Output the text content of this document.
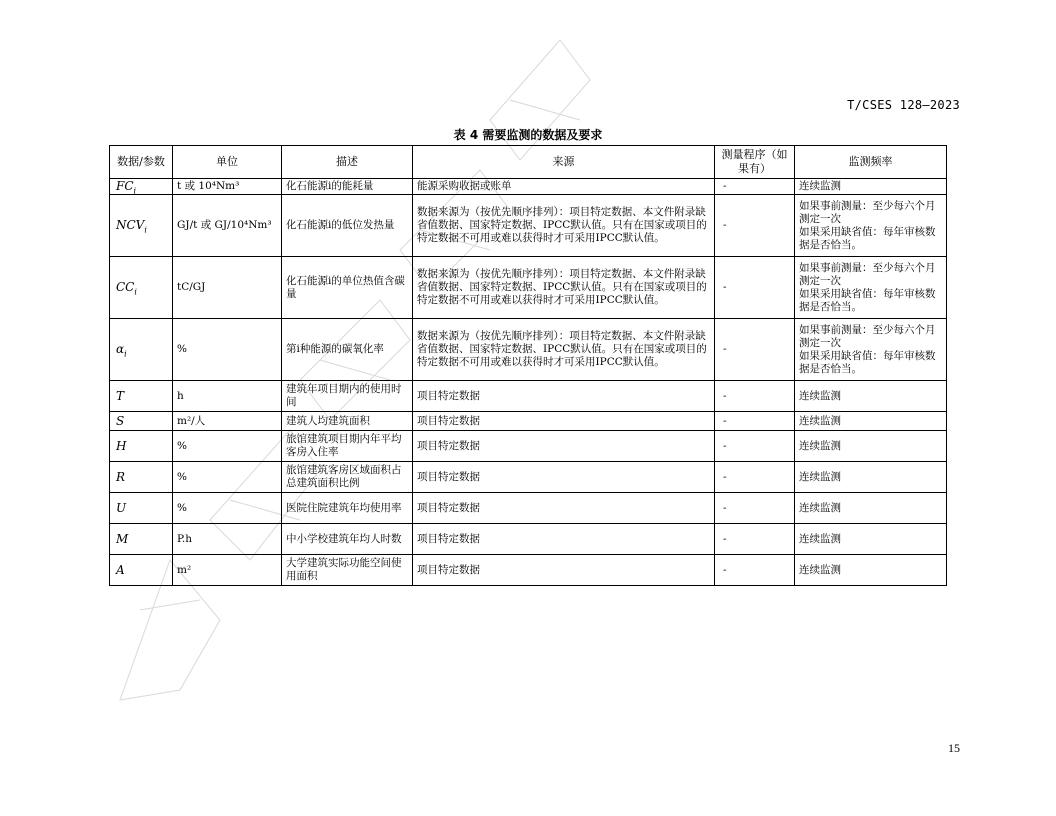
T/CSES 128—2023
表 4 需要监测的数据及要求
数据/参数	单位	描述	来源	测量程序（如果有）	监测频率
$FC_i$	t 或 10⁴Nm³	化石能源i的能耗量	能源采购收据或账单	-	连续监测
$NCV_i$	GJ/t 或 GJ/10⁴Nm³	化石能源i的低位发热量	数据来源为（按优先顺序排列）：项目特定数据、本文件附录缺省值数据、国家特定数据、IPCC默认值。只有在国家或项目的特定数据不可用或难以获得时才可采用IPCC默认值。	-	如果事前测量：至少每六个月测定一次
如果采用缺省值：每年审核数据是否恰当。
$CC_i$	tC/GJ	化石能源i的单位热值含碳量	数据来源为（按优先顺序排列）：项目特定数据、本文件附录缺省值数据、国家特定数据、IPCC默认值。只有在国家或项目的特定数据不可用或难以获得时才可采用IPCC默认值。	-	如果事前测量：至少每六个月测定一次
如果采用缺省值：每年审核数据是否恰当。
$\alpha_i$	%	第i种能源的碳氧化率	数据来源为（按优先顺序排列）：项目特定数据、本文件附录缺省值数据、国家特定数据、IPCC默认值。只有在国家或项目的特定数据不可用或难以获得时才可采用IPCC默认值。	-	如果事前测量：至少每六个月测定一次
如果采用缺省值：每年审核数据是否恰当。
T	h	建筑年项目期内的使用时间	项目特定数据	-	连续监测
S	m²/人	建筑人均建筑面积	项目特定数据	-	连续监测
H	%	旅馆建筑项目期内年平均客房入住率	项目特定数据	-	连续监测
R	%	旅馆建筑客房区域面积占总建筑面积比例	项目特定数据	-	连续监测
U	%	医院住院建筑年均使用率	项目特定数据	-	连续监测
M	P.h	中小学校建筑年均人时数	项目特定数据	-	连续监测
A	m²	大学建筑实际功能空间使用面积	项目特定数据	-	连续监测
15
